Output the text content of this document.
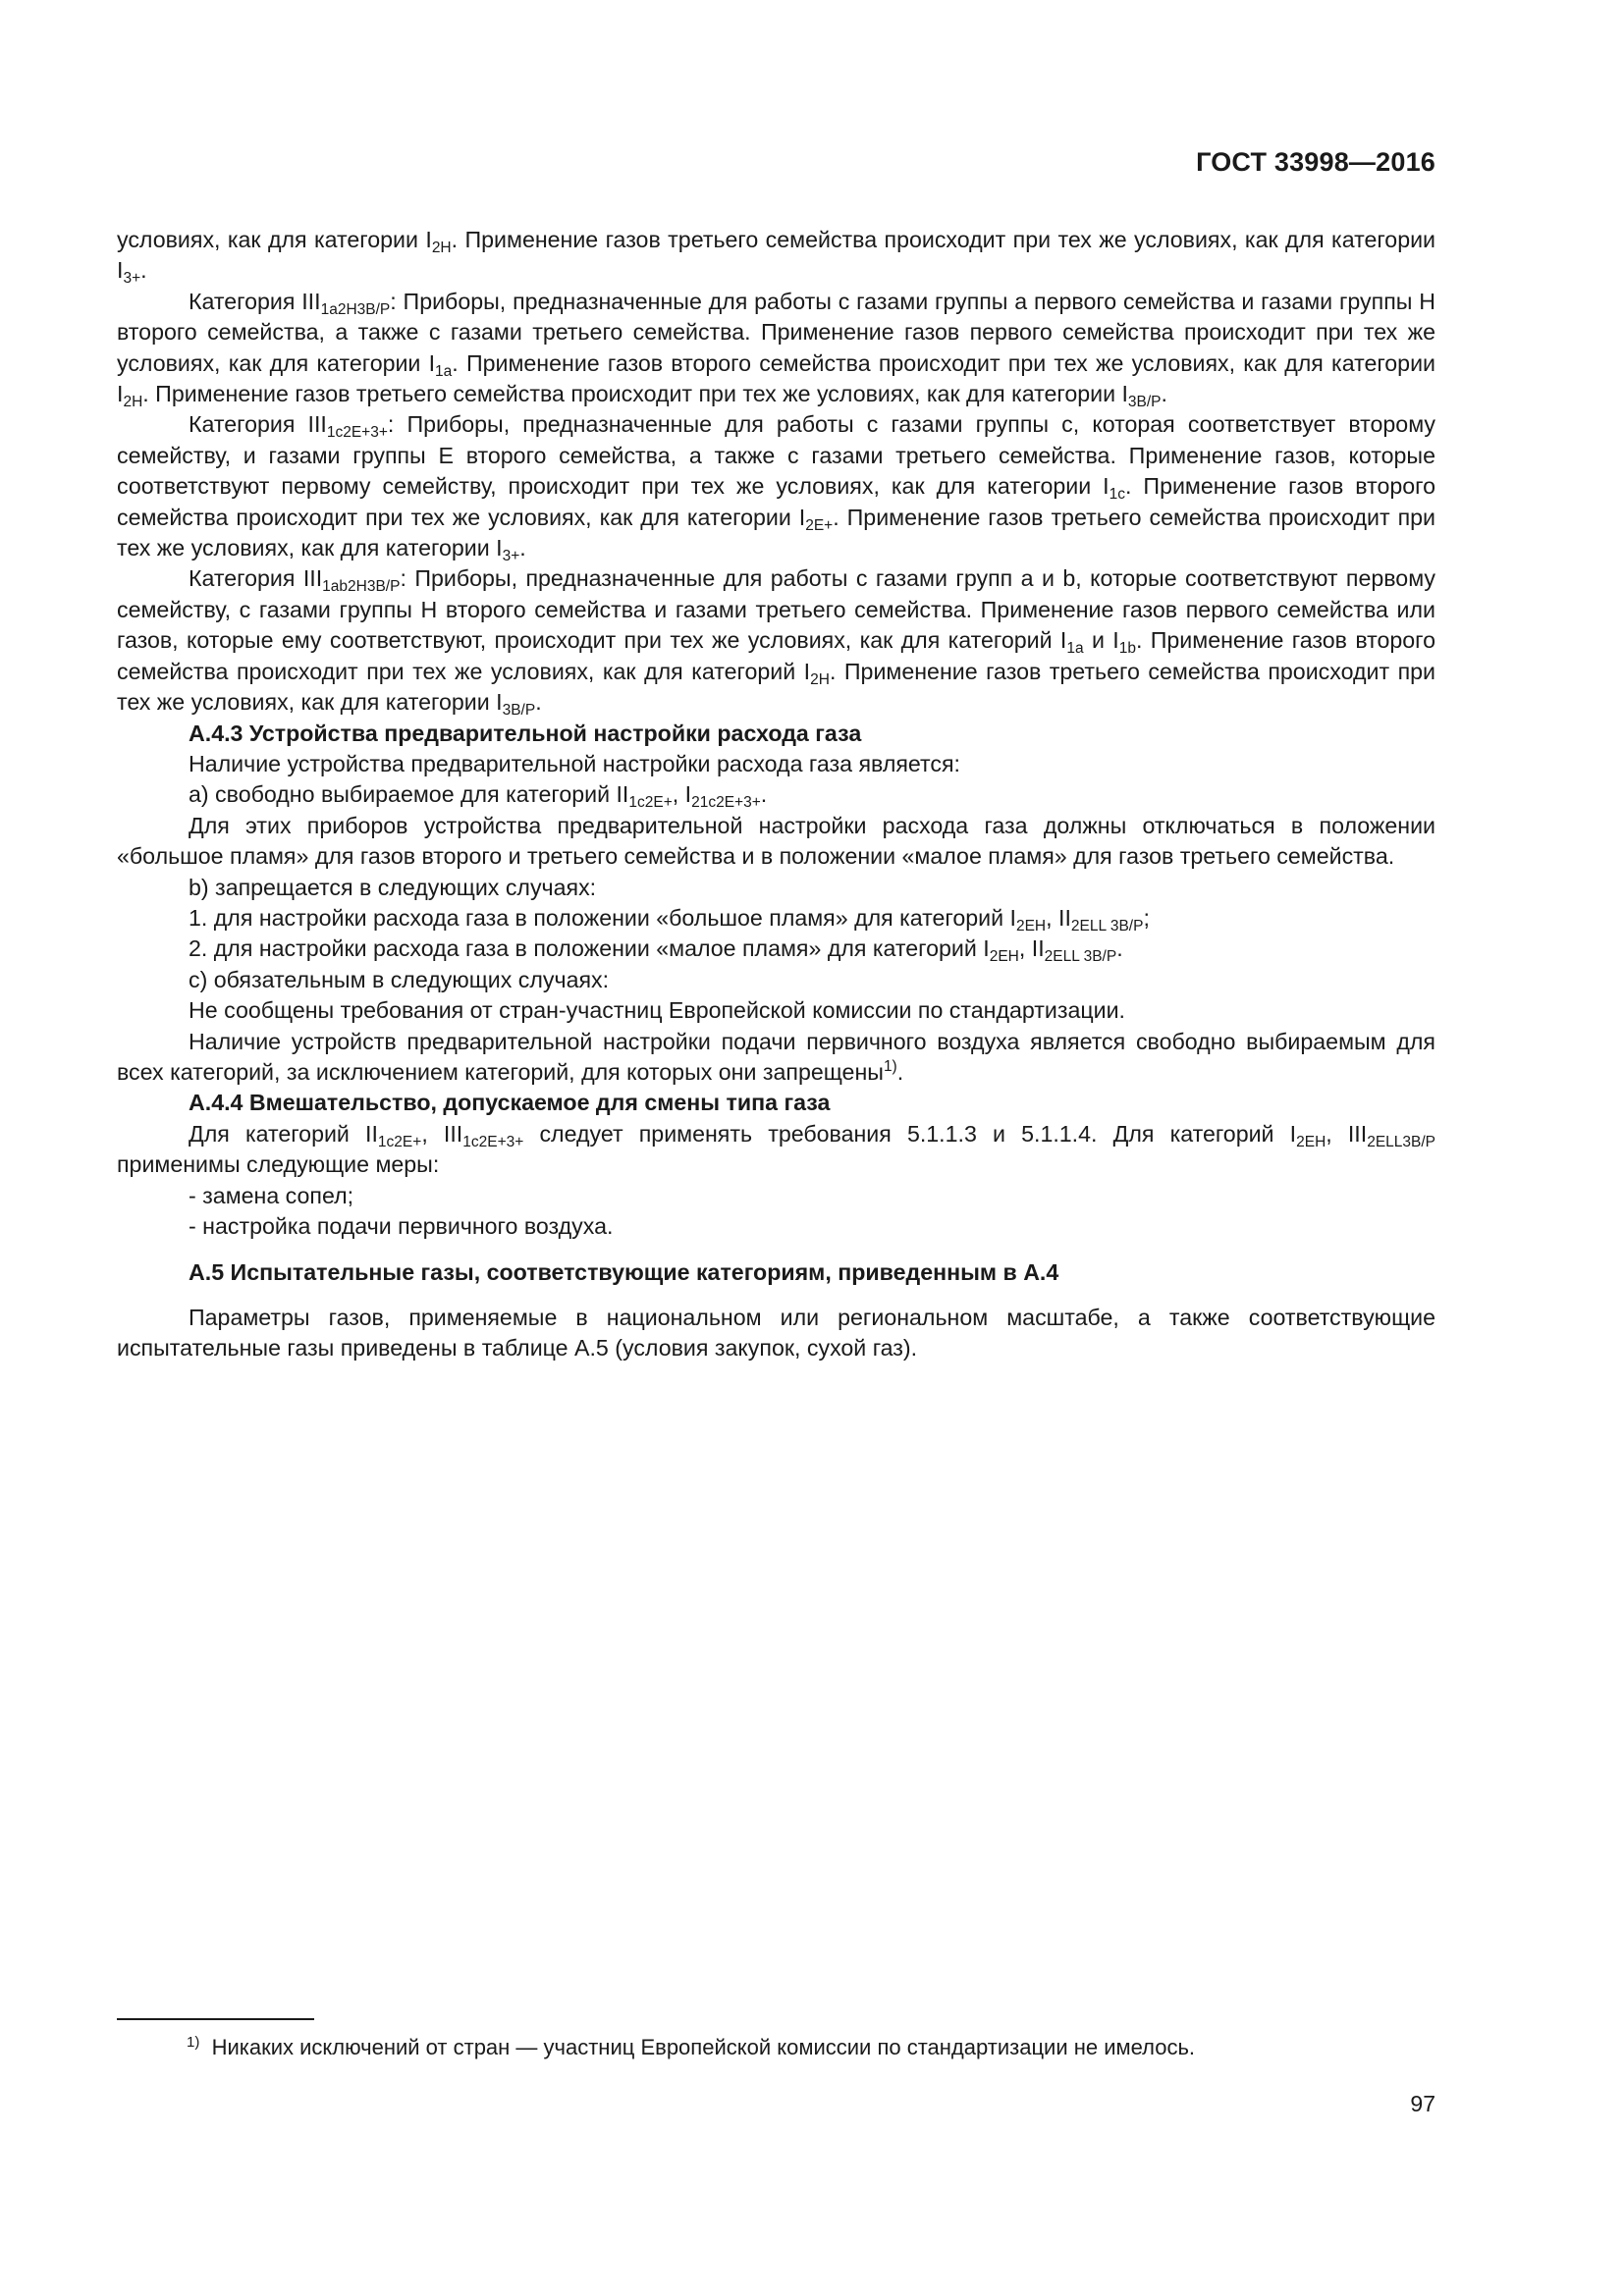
ГОСТ 33998—2016

условиях, как для категории $I_{2H}$. Применение газов третьего семейства происходит при тех же условиях, как для категории $I_{3+}$.

Категория $III_{1a2H3B/P}$: Приборы, предназначенные для работы с газами группы а первого семейства и газами группы Н второго семейства, а также с газами третьего семейства. Применение газов первого семейства происходит при тех же условиях, как для категории $I_{1a}$. Применение газов второго семейства происходит при тех же условиях, как для категории $I_{2H}$. Применение газов третьего семейства происходит при тех же условиях, как для категории $I_{3B/P}$.

Категория $III_{1c2E+3+}$: Приборы, предназначенные для работы с газами группы с, которая соответствует второму семейству, и газами группы Е второго семейства, а также с газами третьего семейства. Применение газов, которые соответствуют первому семейству, происходит при тех же условиях, как для категории $I_{1c}$. Применение газов второго семейства происходит при тех же условиях, как для категории $I_{2E+}$. Применение газов третьего семейства происходит при тех же условиях, как для категории $I_{3+}$.

Категория $III_{1ab2H3B/P}$: Приборы, предназначенные для работы с газами групп а и b, которые соответствуют первому семейству, с газами группы Н второго семейства и газами третьего семейства. Применение газов первого семейства или газов, которые ему соответствуют, происходит при тех же условиях, как для категорий $I_{1a}$ и $I_{1b}$. Применение газов второго семейства происходит при тех же условиях, как для категорий $I_{2H}$. Применение газов третьего семейства происходит при тех же условиях, как для категории $I_{3B/P}$.

А.4.3 Устройства предварительной настройки расхода газа

Наличие устройства предварительной настройки расхода газа является:

а) свободно выбираемое для категорий $II_{1c2E+}$, $I_{21c2E+3+}$.

Для этих приборов устройства предварительной настройки расхода газа должны отключаться в положении «большое пламя» для газов второго и третьего семейства и в положении «малое пламя» для газов третьего семейства.

b) запрещается в следующих случаях:

1. для настройки расхода газа в положении «большое пламя» для категорий $I_{2EH}$, $II_{2ELL 3B/P}$;

2. для настройки расхода газа в положении «малое пламя» для категорий $I_{2EH}$, $II_{2ELL 3B/P}$.

с) обязательным в следующих случаях:

Не сообщены требования от стран-участниц Европейской комиссии по стандартизации.

Наличие устройств предварительной настройки подачи первичного воздуха является свободно выбираемым для всех категорий, за исключением категорий, для которых они запрещены$^{1)}$.

А.4.4 Вмешательство, допускаемое для смены типа газа

Для категорий $II_{1c2E+}$, $III_{1c2E+3+}$ следует применять требования 5.1.1.3 и 5.1.1.4. Для категорий $I_{2EH}$, $III_{2ELL3B/P}$ применимы следующие меры:

- замена сопел;

- настройка подачи первичного воздуха.

А.5 Испытательные газы, соответствующие категориям, приведенным в А.4

Параметры газов, применяемые в национальном или региональном масштабе, а также соответствующие испытательные газы приведены в таблице А.5 (условия закупок, сухой газ).

$^{1)}$ Никаких исключений от стран — участниц Европейской комиссии по стандартизации не имелось.
97
